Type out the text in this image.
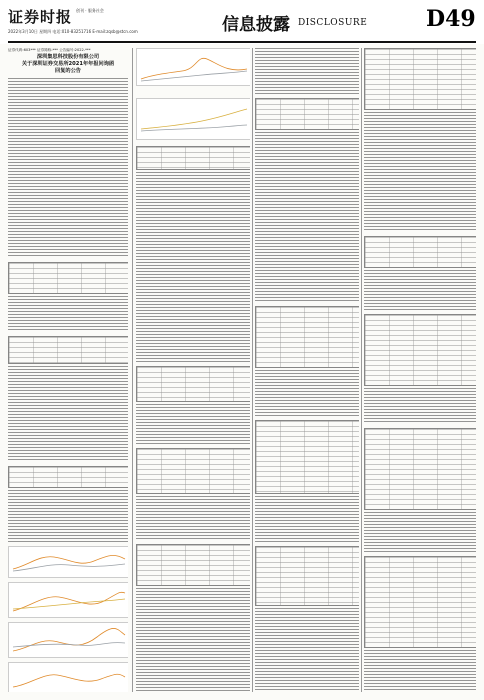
证券时报 创刊 · 服务社会
2022年3月10日 星期四 电话:010-83251716 E-mail:zqsb@stcn.com	信息披露 DISCLOSURE	D49
证券代码:603*** 证券简称:*** 公告编号:2022-***
深圳集思科技股份有限公司
关于深圳证券交易所2021年年报问询函
回复的公告
